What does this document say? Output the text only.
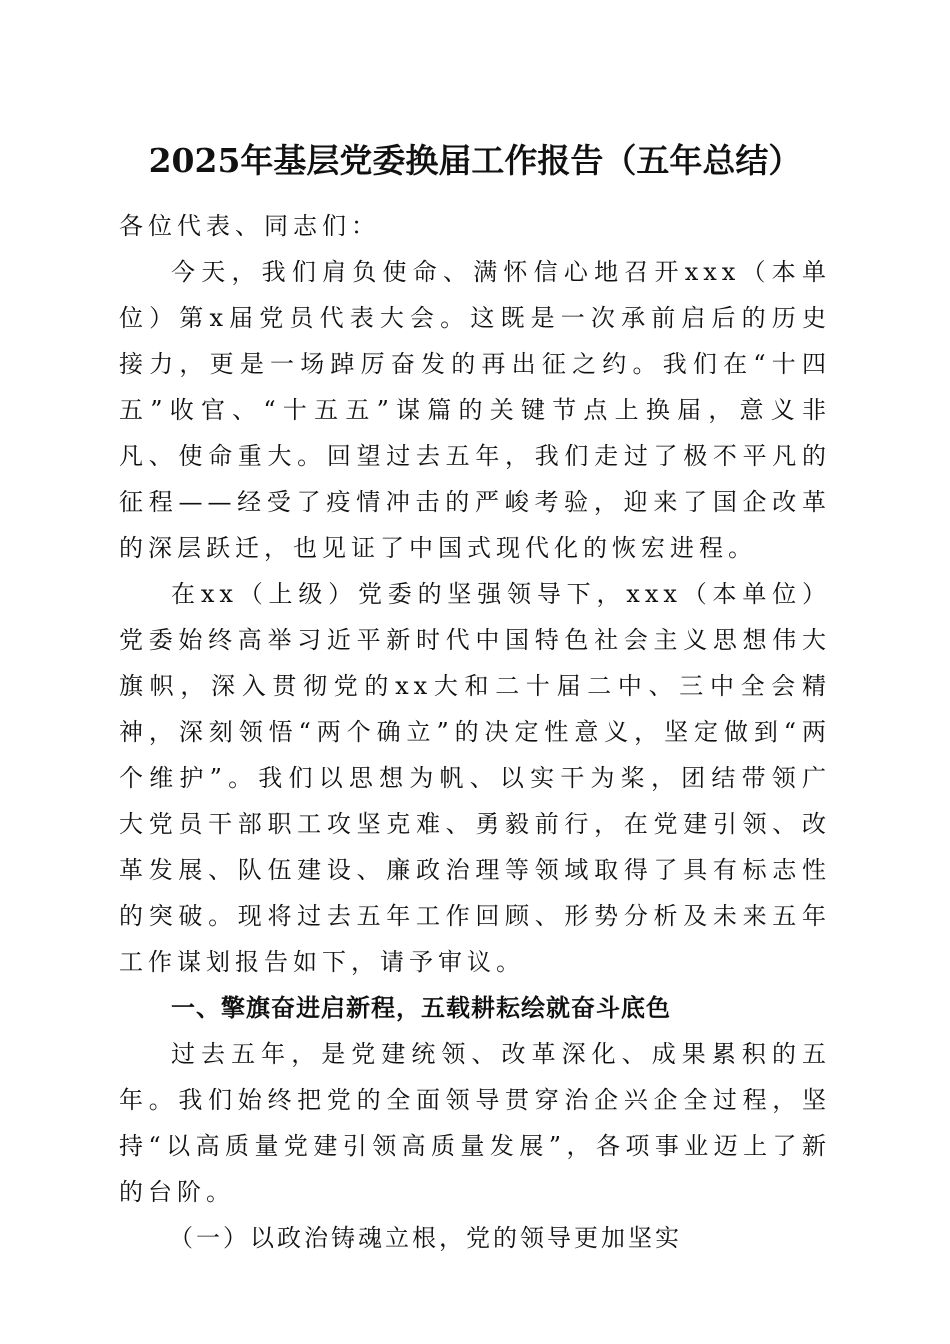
2025年基层党委换届工作报告（五年总结）

各位代表、同志们：

今天，我们肩负使命、满怀信心地召开xxx（本单位）第x届党员代表大会。这既是一次承前启后的历史接力，更是一场踔厉奋发的再出征之约。我们在“十四五”收官、“十五五”谋篇的关键节点上换届，意义非凡、使命重大。回望过去五年，我们走过了极不平凡的征程——经受了疫情冲击的严峻考验，迎来了国企改革的深层跃迁，也见证了中国式现代化的恢宏进程。

在xx（上级）党委的坚强领导下，xxx（本单位）党委始终高举习近平新时代中国特色社会主义思想伟大旗帜，深入贯彻党的xx大和二十届二中、三中全会精神，深刻领悟“两个确立”的决定性意义，坚定做到“两个维护”。我们以思想为帆、以实干为桨，团结带领广大党员干部职工攻坚克难、勇毅前行，在党建引领、改革发展、队伍建设、廉政治理等领域取得了具有标志性的突破。现将过去五年工作回顾、形势分析及未来五年工作谋划报告如下，请予审议。

一、擎旗奋进启新程，五载耕耘绘就奋斗底色

过去五年，是党建统领、改革深化、成果累积的五年。我们始终把党的全面领导贯穿治企兴企全过程，坚持“以高质量党建引领高质量发展”，各项事业迈上了新的台阶。

（一）以政治铸魂立根，党的领导更加坚实
